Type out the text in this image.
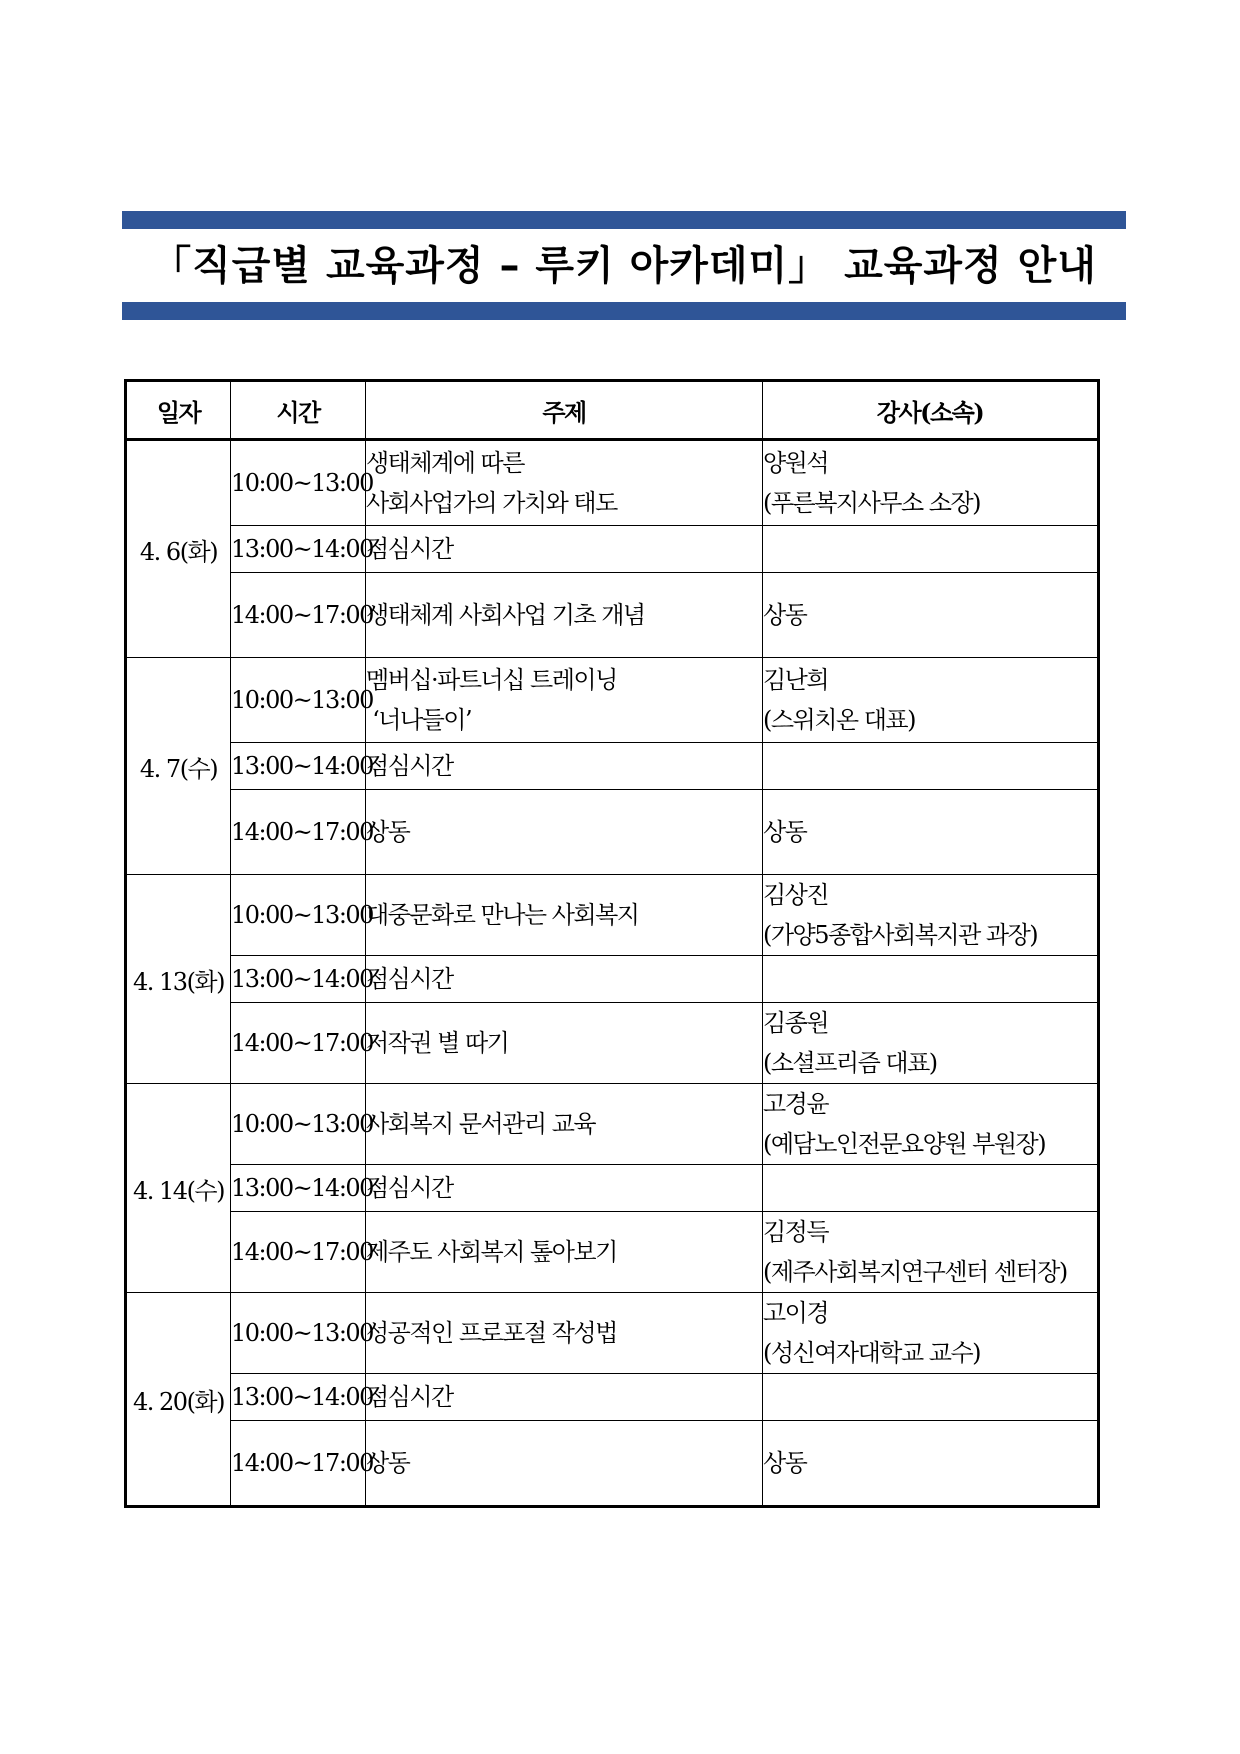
「직급별 교육과정 – 루키 아카데미」 교육과정 안내
일자	시간	주제	강사(소속)
4. 6(화)	10:00~13:00	생태체계에 따른
사회사업가의 가치와 태도	양원석
(푸른복지사무소 소장)

	13:00~14:00	점심시간	

	14:00~17:00	생태체계 사회사업 기초 개념	상동

4. 7(수)	10:00~13:00	멤버십·파트너십 트레이닝
‘너나들이’	김난희
(스위치온 대표)

	13:00~14:00	점심시간	

	14:00~17:00	상동	상동

4. 13(화)	10:00~13:00	대중문화로 만나는 사회복지	김상진
(가양5종합사회복지관 과장)

	13:00~14:00	점심시간	

	14:00~17:00	저작권 별 따기	김종원
(소셜프리즘 대표)

4. 14(수)	10:00~13:00	사회복지 문서관리 교육	고경윤
(예담노인전문요양원 부원장)

	13:00~14:00	점심시간	

	14:00~17:00	제주도 사회복지 톺아보기	김정득
(제주사회복지연구센터 센터장)

4. 20(화)	10:00~13:00	성공적인 프로포절 작성법	고이경
(성신여자대학교 교수)

	13:00~14:00	점심시간	

	14:00~17:00	상동	상동
